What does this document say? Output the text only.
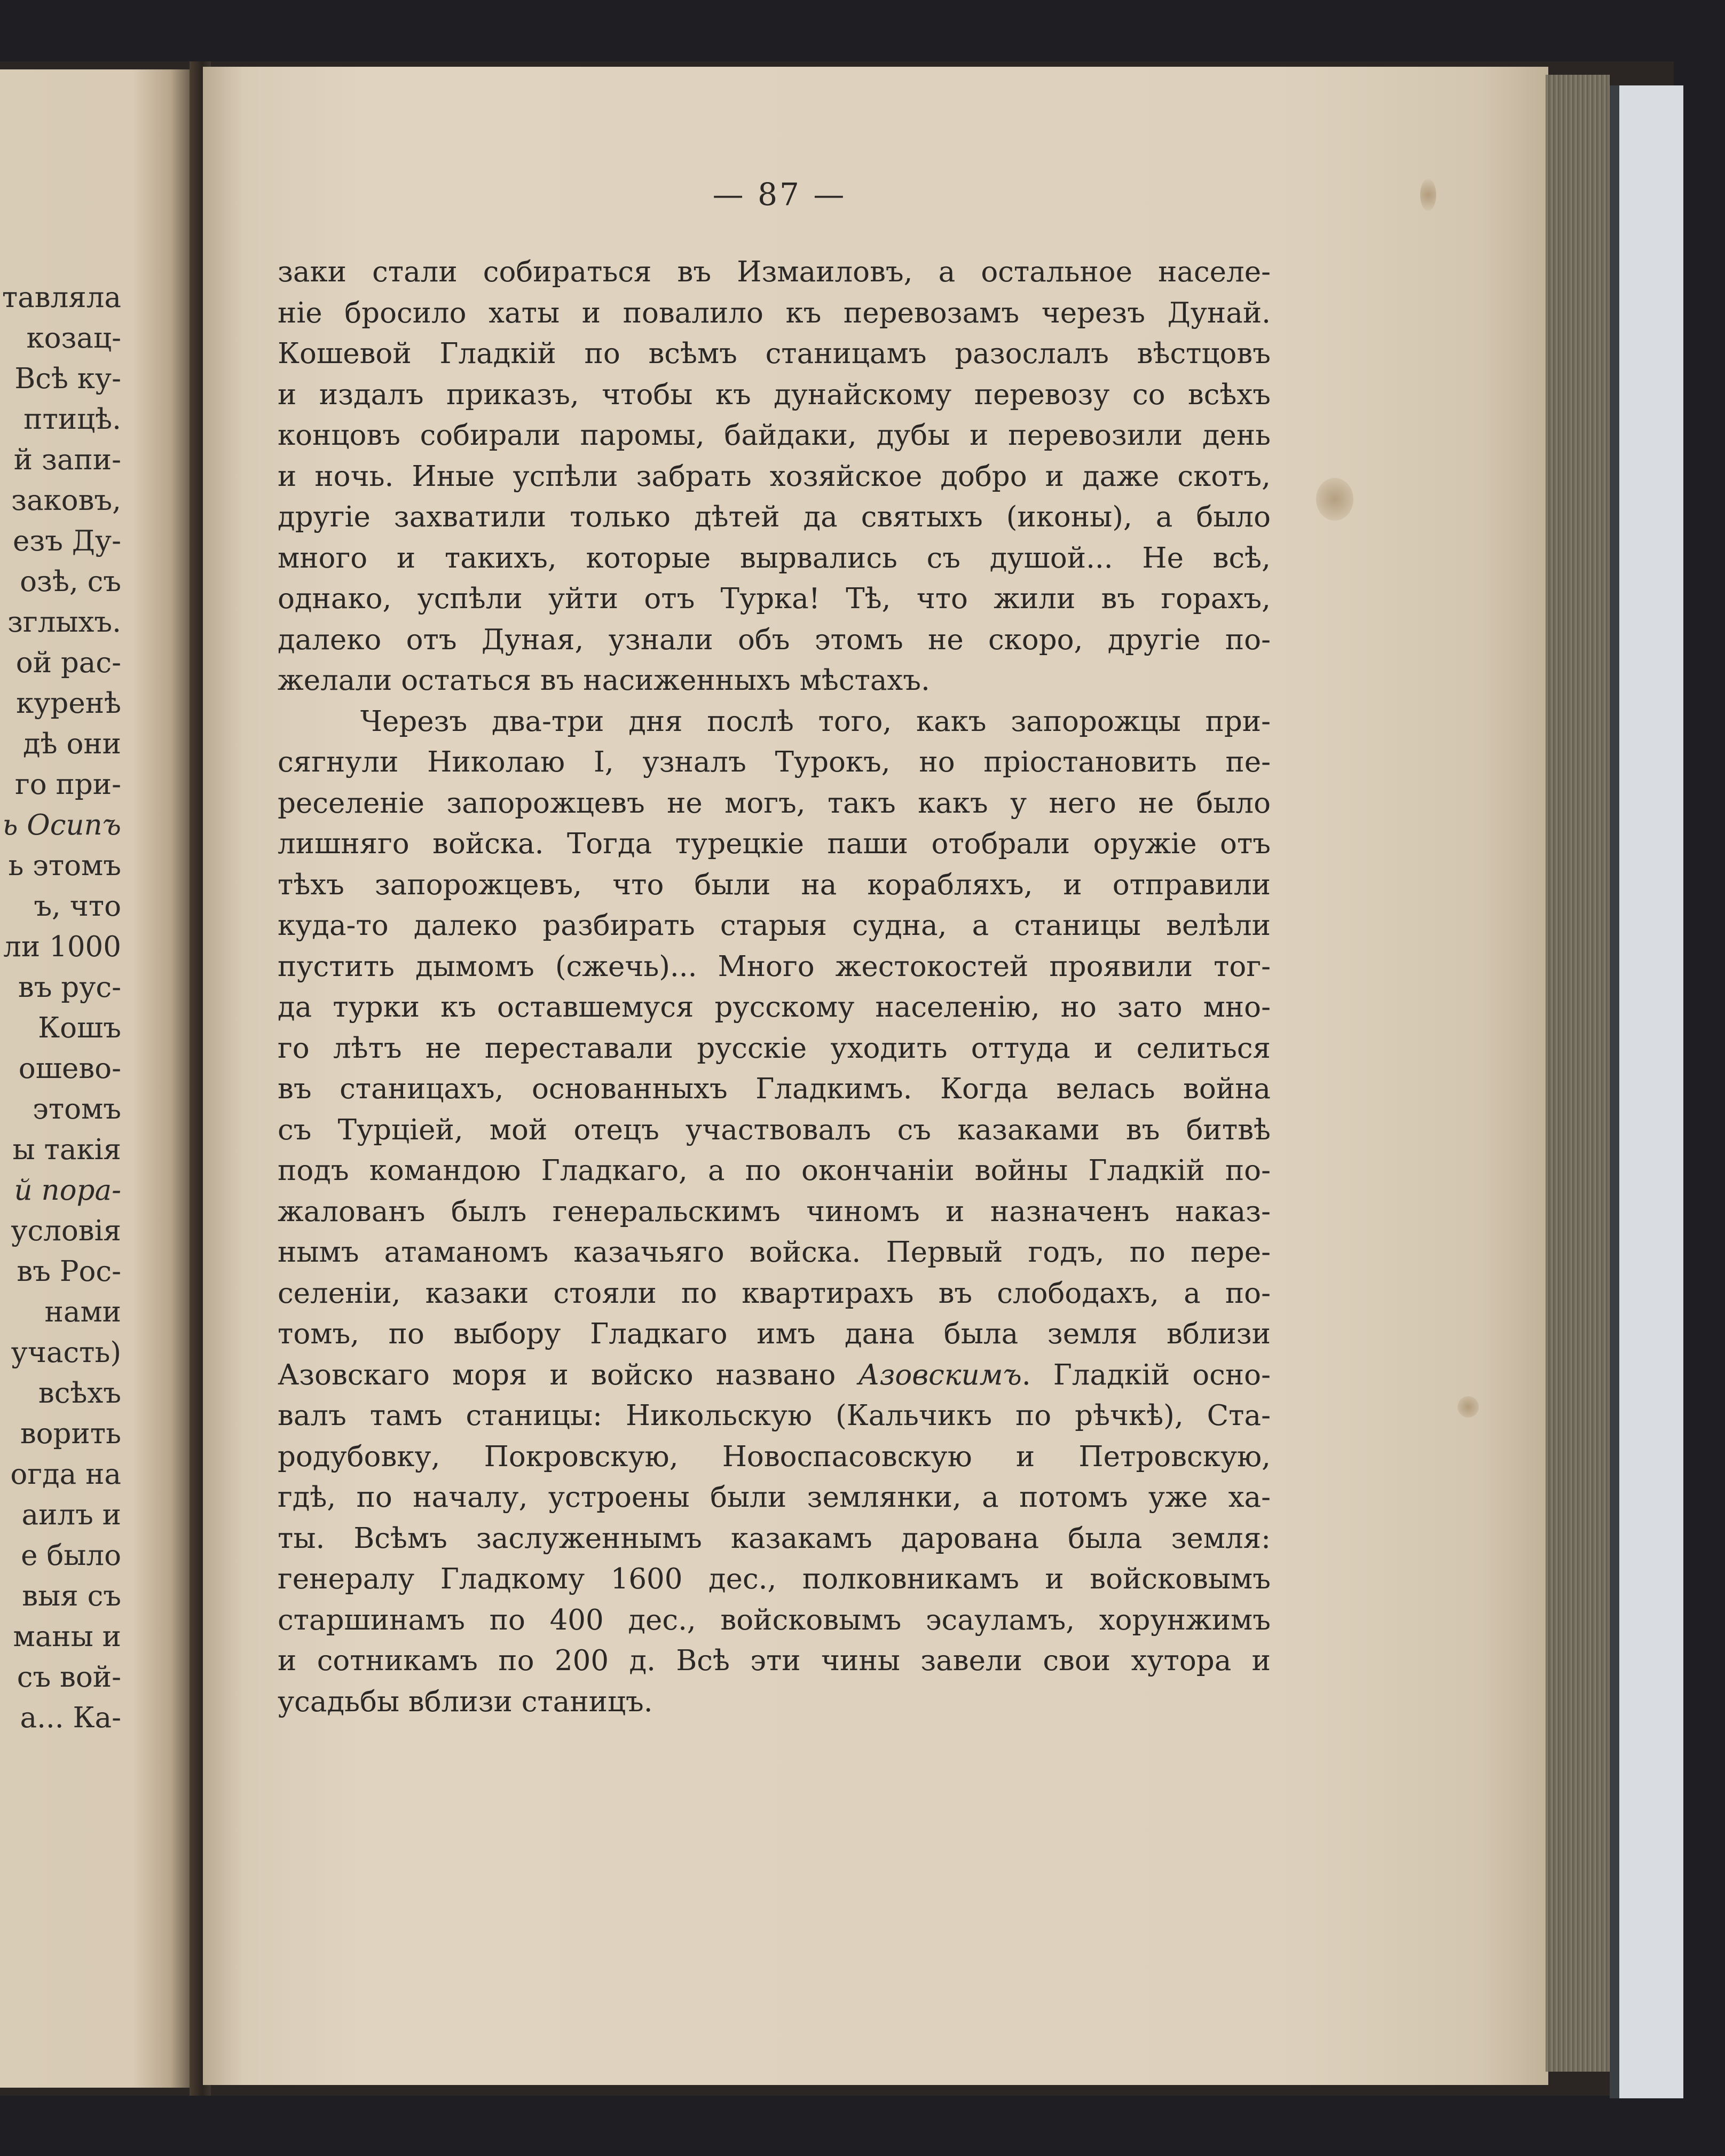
тавляла
козац-
Всѣ ку-
птицѣ.
й запи-
заковъ,
езъ Ду-
озѣ, съ
зглыхъ.
ой рас-
куренѣ
дѣ они
го при-
ь Осипъ
ь этомъ
ъ, что
ли 1000
въ рус-
Кошъ
ошево-
этомъ
ы такія
й пора-
условія
въ Рос-
нами
участь)
всѣхъ
ворить
огда на
аилъ и
е было
выя съ
маны и
съ вой-
а... Ка-
— 87 —
заки стали собираться въ Измаиловъ, а остальное населе-
ніе бросило хаты и повалило къ перевозамъ черезъ Дунай.
Кошевой Гладкій по всѣмъ станицамъ разослалъ вѣстцовъ
и издалъ приказъ, чтобы къ дунайскому перевозу со всѣхъ
концовъ собирали паромы, байдаки, дубы и перевозили день
и ночь. Иные успѣли забрать хозяйское добро и даже скотъ,
другіе захватили только дѣтей да святыхъ (иконы), а было
много и такихъ, которые вырвались съ душой... Не всѣ,
однако, успѣли уйти отъ Турка! Тѣ, что жили въ горахъ,
далеко отъ Дуная, узнали объ этомъ не скоро, другіе по-
желали остаться въ насиженныхъ мѣстахъ.
Черезъ два-три дня послѣ того, какъ запорожцы при-
сягнули Николаю I, узналъ Турокъ, но пріостановить пе-
реселеніе запорожцевъ не могъ, такъ какъ у него не было
лишняго войска. Тогда турецкіе паши отобрали оружіе отъ
тѣхъ запорожцевъ, что были на корабляхъ, и отправили
куда-то далеко разбирать старыя судна, а станицы велѣли
пустить дымомъ (сжечь)... Много жестокостей проявили тог-
да турки къ оставшемуся русскому населенію, но зато мно-
го лѣтъ не переставали русскіе уходить оттуда и селиться
въ станицахъ, основанныхъ Гладкимъ. Когда велась война
съ Турціей, мой отецъ участвовалъ съ казаками въ битвѣ
подъ командою Гладкаго, а по окончаніи войны Гладкій по-
жалованъ былъ генеральскимъ чиномъ и назначенъ наказ-
нымъ атаманомъ казачьяго войска. Первый годъ, по пере-
селеніи, казаки стояли по квартирахъ въ слободахъ, а по-
томъ, по выбору Гладкаго имъ дана была земля вблизи
Азовскаго моря и войско названо Азовскимъ. Гладкій осно-
валъ тамъ станицы: Никольскую (Кальчикъ по рѣчкѣ), Ста-
родубовку, Покровскую, Новоспасовскую и Петровскую,
гдѣ, по началу, устроены были землянки, а потомъ уже ха-
ты. Всѣмъ заслуженнымъ казакамъ дарована была земля:
генералу Гладкому 1600 дес., полковникамъ и войсковымъ
старшинамъ по 400 дес., войсковымъ эсауламъ, хорунжимъ
и сотникамъ по 200 д. Всѣ эти чины завели свои хутора и
усадьбы вблизи станицъ.
